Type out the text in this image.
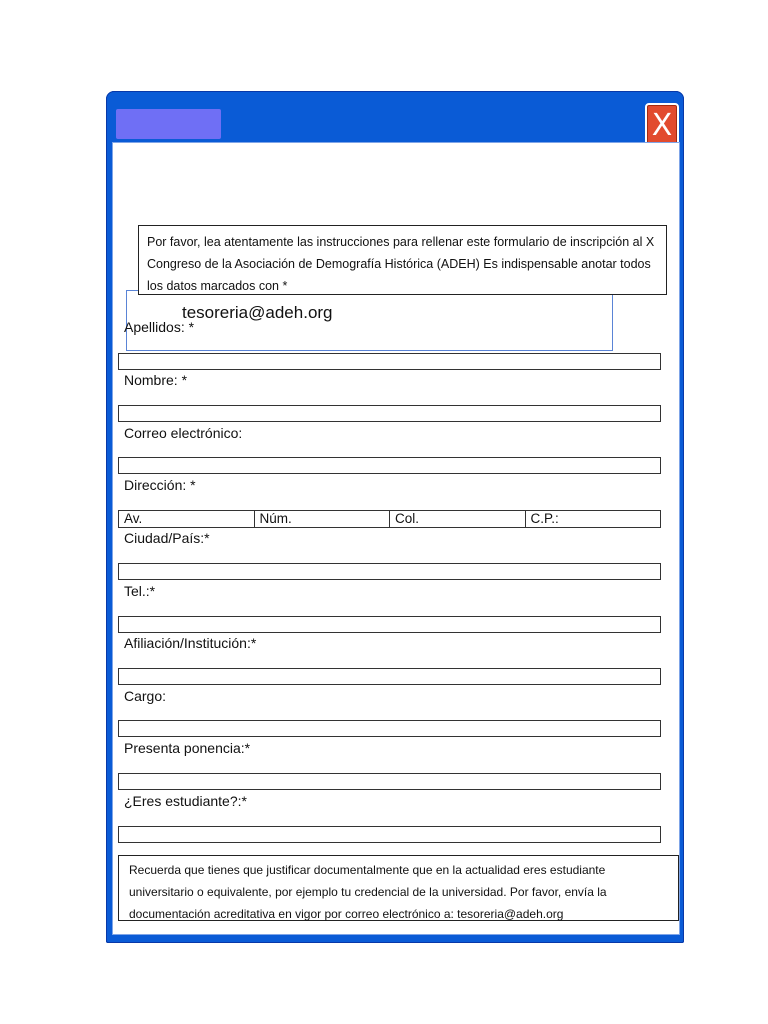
X
tesoreria@adeh.org
Por favor, lea atentamente las instrucciones para rellenar este formulario de inscripción al X Congreso de la Asociación de Demografía Histórica (ADEH) Es indispensable anotar todos los datos marcados con *
Apellidos: *
Nombre: *
Correo electrónico:
Dirección: *
Av.	Núm.	Col.	C.P.:
Ciudad/País:*
Tel.:*
Afiliación/Institución:*
Cargo:
Presenta ponencia:*
¿Eres estudiante?:*
Recuerda que tienes que justificar documentalmente que en la actualidad eres estudiante universitario o equivalente, por ejemplo tu credencial de la universidad. Por favor, envía la documentación acreditativa en vigor por correo electrónico a: tesoreria@adeh.org
